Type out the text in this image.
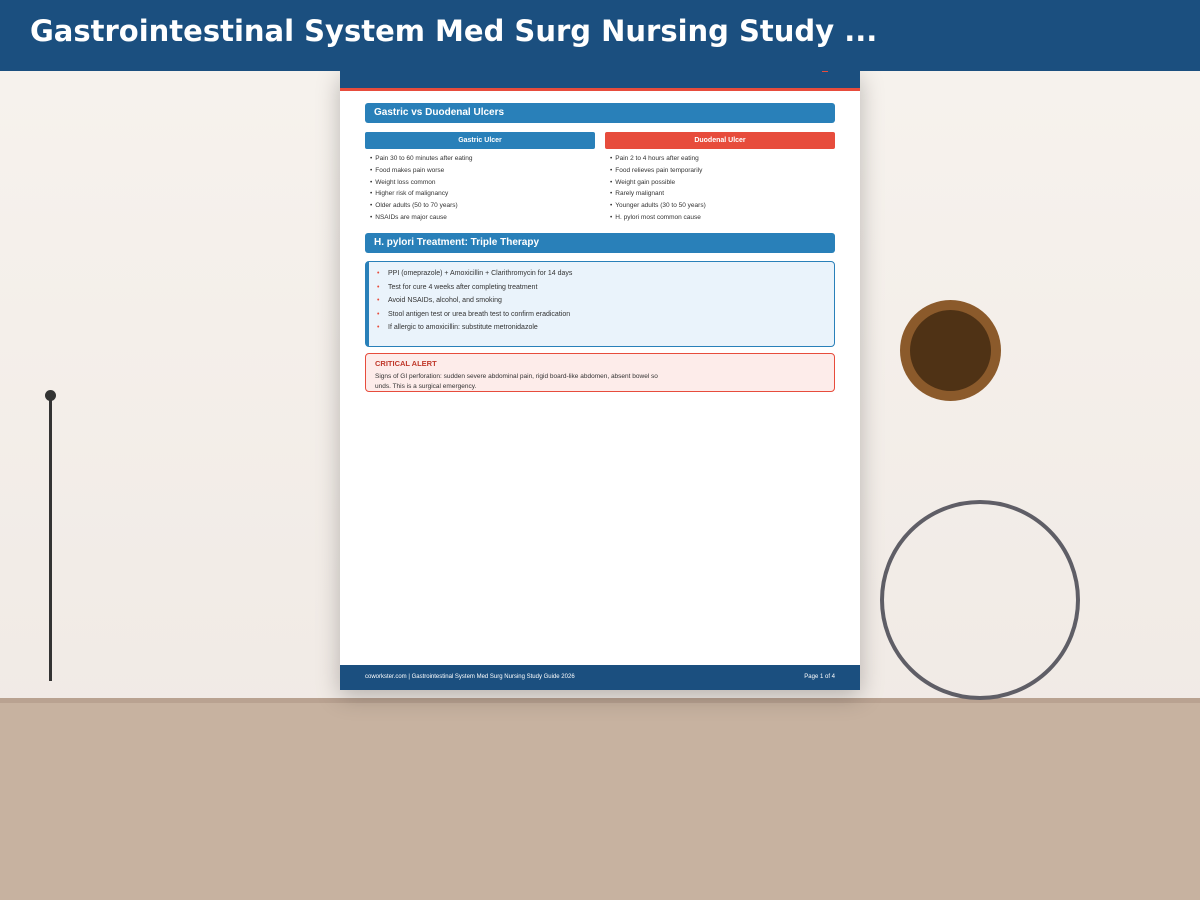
Gastrointestinal System Med Surg Nursing Study ...
Gastric vs Duodenal Ulcers
Gastric Ulcer	Duodenal Ulcer
• Pain 30 to 60 minutes after eating
• Food makes pain worse
• Weight loss common
• Higher risk of malignancy
• Older adults (50 to 70 years)
• NSAIDs are major cause
• Pain 2 to 4 hours after eating
• Food relieves pain temporarily
• Weight gain possible
• Rarely malignant
• Younger adults (30 to 50 years)
• H. pylori most common cause
H. pylori Treatment: Triple Therapy
• PPI (omeprazole) + Amoxicillin + Clarithromycin for 14 days
• Test for cure 4 weeks after completing treatment
• Avoid NSAIDs, alcohol, and smoking
• Stool antigen test or urea breath test to confirm eradication
• If allergic to amoxicillin: substitute metronidazole
CRITICAL ALERT
Signs of GI perforation: sudden severe abdominal pain, rigid board-like abdomen, absent bowel sounds. This is a surgical emergency.
coworkster.com | Gastrointestinal System Med Surg Nursing Study Guide 2026	Page 1 of 4
